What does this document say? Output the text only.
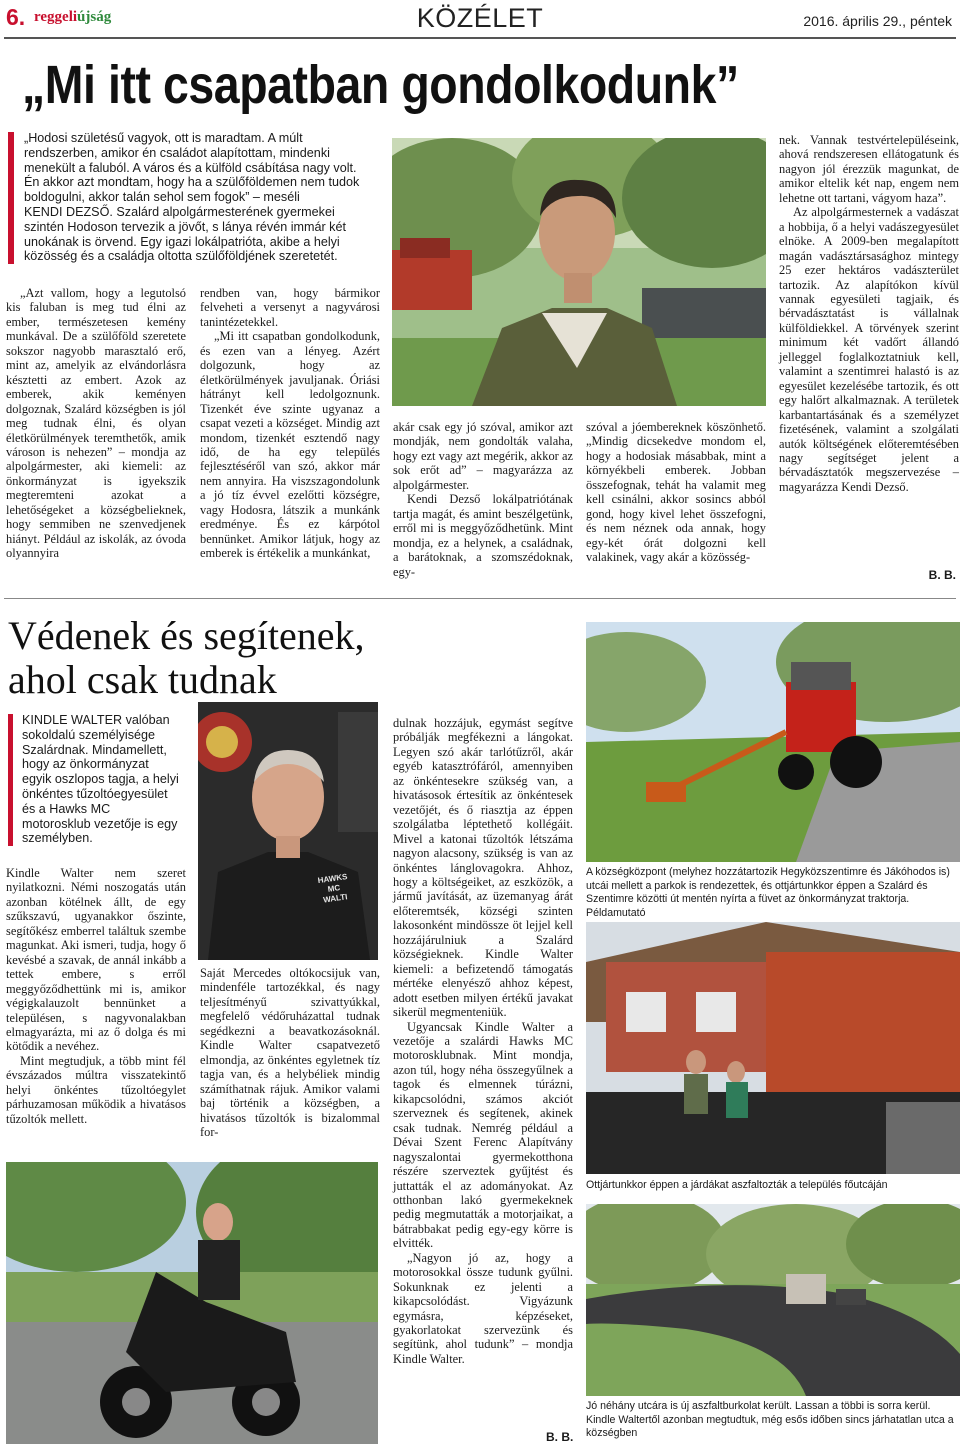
6. reggeliújság	KÖZÉLET	2016. április 29., péntek
„Mi itt csapatban gondolkodunk”
„Hodosi születésű vagyok, ott is maradtam. A múlt
rendszerben, amikor én családot alapítottam, mindenki
menekült a faluból. A város és a külföld csábítása nagy volt.
Én akkor azt mondtam, hogy ha a szülőföldemen nem tudok
boldogulni, akkor talán sehol sem fogok” – meséli
KENDI DEZSŐ. Szalárd alpolgármesterének gyermekei
szintén Hodoson tervezik a jövőt, s lánya révén immár két
unokának is örvend. Egy igazi lokálpatrióta, akibe a helyi
közösség és a családja oltotta szülőföldjének szeretetét.

„Azt vallom, hogy a legutolsó kis faluban is meg tud élni az ember, természetesen kemény munkával. De a szülőföld szeretete sokszor nagyobb marasztaló erő, mint az, amelyik az elvándorlásra késztetti az embert. Azok az emberek, akik keményen dolgoznak, Szalárd községben is jól meg tudnak élni, és olyan életkörülmények teremthetők, amik városon is nehezen” – mondja az alpolgármester, aki kiemeli: az önkormányzat is igyekszik megteremteni azokat a lehetőségeket a községbelieknek, hogy semmiben ne szenvedjenek hiányt. Például az iskolák, az óvoda olyannyira

rendben van, hogy bármikor felveheti a versenyt a nagyvárosi tanintézetekkel.

„Mi itt csapatban gondolkodunk, és ezen van a lényeg. Azért dolgozunk, hogy az életkörülmények javuljanak. Óriási hátrányt kell ledolgoznunk. Tizenkét éve szinte ugyanaz a csapat vezeti a községet. Mindig azt mondom, tizenkét esztendő nagy idő, de ha egy település fejlesztéséről van szó, akkor már nem annyira. Ha viszszagondolunk a jó tíz évvel ezelőtti községre, vagy Hodosra, látszik a munkánk eredménye. És ez kárpótol bennünket. Amikor látjuk, hogy az emberek is értékelik a munkánkat,

akár csak egy jó szóval, amikor azt mondják, nem gondolták valaha, hogy ezt vagy azt megérik, akkor az sok erőt ad” – magyarázza az alpolgármester.

Kendi Dezső lokálpatriótának tartja magát, és amint beszélgetünk, erről mi is meggyőződhetünk. Mint mondja, ez a helynek, a családnak, a barátoknak, a szomszédoknak, egy-

szóval a jóembereknek köszönhető. „Mindig dicsekedve mondom el, hogy a hodosiak másabbak, mint a környékbeli emberek. Jobban összefognak, tehát ha valamit meg kell csinálni, akkor sosincs abból gond, hogy kivel lehet összefogni, és nem néznek oda annak, hogy egy-két órát dolgozni kell valakinek, vagy akár a közösség-

nek. Vannak testvértelepüléseink, ahová rendszeresen ellátogatunk és nagyon jól érezzük magunkat, de amikor eltelik két nap, engem nem lehetne ott tartani, vágyom haza”.

Az alpolgármesternek a vadászat a hobbija, ő a helyi vadászegyesület elnöke. A 2009-ben megalapított magán vadásztársasághoz mintegy 25 ezer hektáros vadászterület tartozik. Az alapítókon kívül vannak egyesületi tagjaik, és bérvadásztatást is vállalnak külföldiekkel. A törvények szerint minimum két vadőrt állandó jelleggel foglalkoztatniuk kell, valamint a szentimrei halastó is az egyesület kezelésébe tartozik, és ott egy halőrt alkalmaznak. A területek karbantartásának és a személyzet fizetésének, valamint a szolgálati autók költségének előteremtésében nagy segítséget jelent a bérvadásztatók megszervezése – magyarázza Kendi Dezső.

B. B.
Védenek és segítenek,
ahol csak tudnak
KINDLE WALTER valóban
sokoldalú személyisége
Szalárdnak. Mindamellett,
hogy az önkormányzat
egyik oszlopos tagja, a helyi
önkéntes tűzoltóegyesület
és a Hawks MC
motorosklub vezetője is egy
személyben.
HAWKS
MC
WALTI

Kindle Walter nem szeret nyilatkozni. Némi noszogatás után azonban kötélnek állt, de egy szűkszavú, ugyanakkor őszinte, segítőkész emberrel találtuk szembe magunkat. Aki ismeri, tudja, hogy ő kevésbé a szavak, de annál inkább a tettek embere, s erről meggyőződhettünk mi is, amikor végigkalauzolt bennünket a településen, s nagyvonalakban elmagyarázta, mi az ő dolga és mi kötődik a nevéhez.

Mint megtudjuk, a több mint fél évszázados múltra visszatekintő helyi önkéntes tűzoltóegylet párhuzamosan működik a hivatásos tűzoltók mellett.

Saját Mercedes oltókocsijuk van, mindenféle tartozékkal, és nagy teljesítményű szivattyúkkal, megfelelő védőruházattal tudnak segédkezni a beavatkozásoknál. Kindle Walter csapatvezető elmondja, az önkéntes egyletnek tíz tagja van, és a helybéliek mindig számíthatnak rájuk. Amikor valami baj történik a községben, a hivatásos tűzoltók is bizalommal for-

dulnak hozzájuk, egymást segítve próbálják megfékezni a lángokat. Legyen szó akár tarlótűzről, akár egyéb katasztrófáról, amennyiben az önkéntesekre szükség van, a hivatásosok értesítik az önkéntesek vezetőjét, és ő riasztja az éppen szolgálatba léptethető kollégáit. Mivel a katonai tűzoltók létszáma nagyon alacsony, szükség is van az önkéntes lánglovagokra. Ahhoz, hogy a költségeiket, az eszközök, a jármű javítását, az üzemanyag árát előteremtsék, községi szinten lakosonként mindössze öt lejjel kell hozzájárulniuk a Szalárd községieknek. Kindle Walter kiemeli: a befizetendő támogatás mértéke elenyésző ahhoz képest, adott esetben milyen értékű javakat sikerül megmenteniük.

Ugyancsak Kindle Walter a vezetője a szalárdi Hawks MC motorosklubnak. Mint mondja, azon túl, hogy néha összegyűlnek a tagok és elmennek túrázni, kikapcsolódni, számos akciót szerveznek és segítenek, akinek csak tudnak. Nemrég például a Dévai Szent Ferenc Alapítvány nagyszalontai gyermekotthona részére szerveztek gyűjtést és juttatták el az adományokat. Az otthonban lakó gyermekeknek pedig megmutatták a motorjaikat, a bátrabbakat pedig egy-egy körre is elvitték.

„Nagyon jó az, hogy a motorosokkal össze tudunk gyűlni. Sokunknak ez jelenti a kikapcsolódást. Vigyázunk egymásra, képzéseket, gyakorlatokat szervezünk és segítünk, ahol tudunk” – mondja Kindle Walter.

B. B.
A községközpont (melyhez hozzátartozik Hegyközszentimre és Jákóhodos is) utcái mellett a parkok is rendezettek, és ottjártunkkor éppen a Szalárd és Szentimre közötti út mentén nyírta a füvet az önkormányzat traktorja. Példamutató
Ottjártunkkor éppen a járdákat aszfaltozták a település főutcáján
Jó néhány utcára is új aszfaltburkolat került. Lassan a többi is sorra kerül. Kindle Waltertől azonban megtudtuk, még esős időben sincs járhatatlan utca a községben
